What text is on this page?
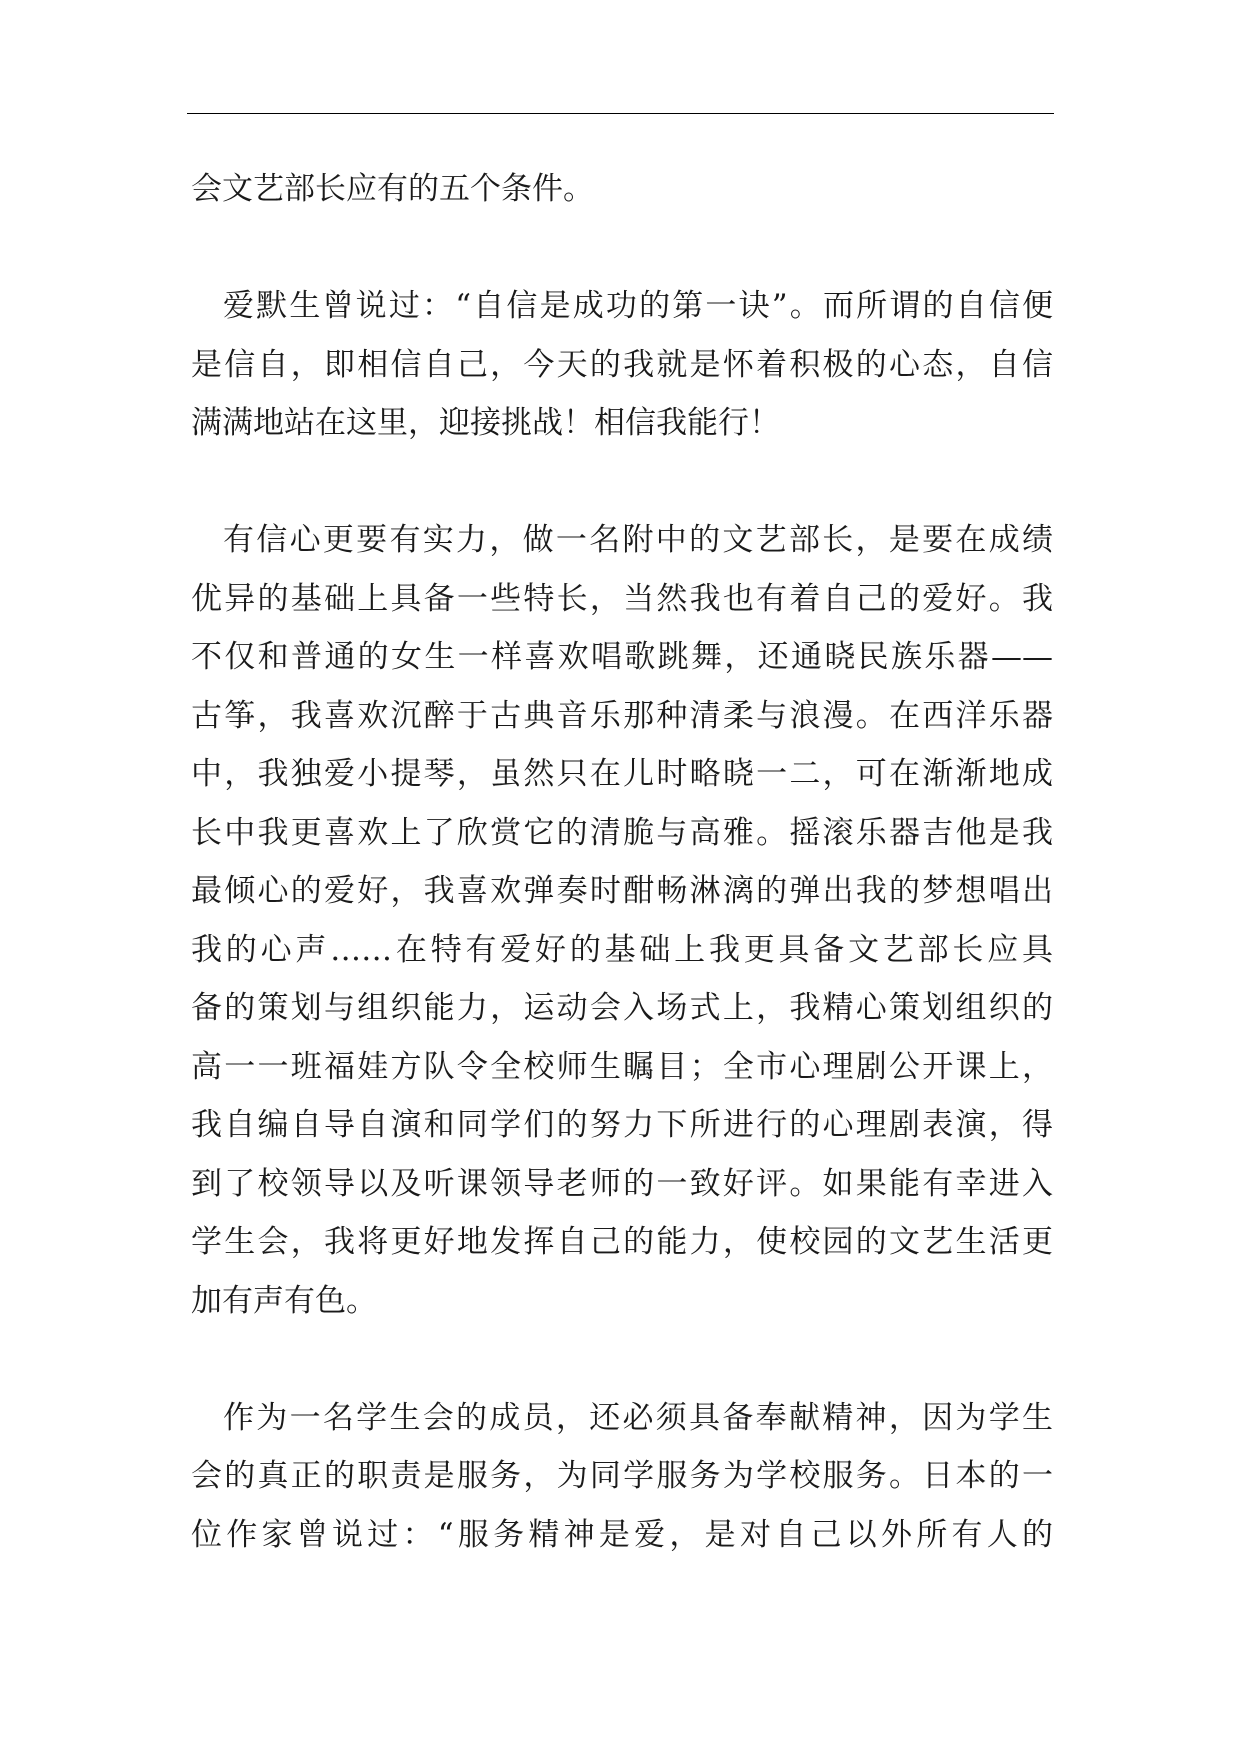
会文艺部长应有的五个条件。
爱默生曾说过：“自信是成功的第一诀”。而所谓的自信便
是信自，即相信自己，今天的我就是怀着积极的心态，自信
满满地站在这里，迎接挑战！相信我能行！
有信心更要有实力，做一名附中的文艺部长，是要在成绩
优异的基础上具备一些特长，当然我也有着自己的爱好。我
不仅和普通的女生一样喜欢唱歌跳舞，还通晓民族乐器——
古筝，我喜欢沉醉于古典音乐那种清柔与浪漫。在西洋乐器
中，我独爱小提琴，虽然只在儿时略晓一二，可在渐渐地成
长中我更喜欢上了欣赏它的清脆与高雅。摇滚乐器吉他是我
最倾心的爱好，我喜欢弹奏时酣畅淋漓的弹出我的梦想唱出
我的心声……在特有爱好的基础上我更具备文艺部长应具
备的策划与组织能力，运动会入场式上，我精心策划组织的
高一一班福娃方队令全校师生瞩目；全市心理剧公开课上，
我自编自导自演和同学们的努力下所进行的心理剧表演，得
到了校领导以及听课领导老师的一致好评。如果能有幸进入
学生会，我将更好地发挥自己的能力，使校园的文艺生活更
加有声有色。
作为一名学生会的成员，还必须具备奉献精神，因为学生
会的真正的职责是服务，为同学服务为学校服务。日本的一
位作家曾说过：“服务精神是爱，是对自己以外所有人的
